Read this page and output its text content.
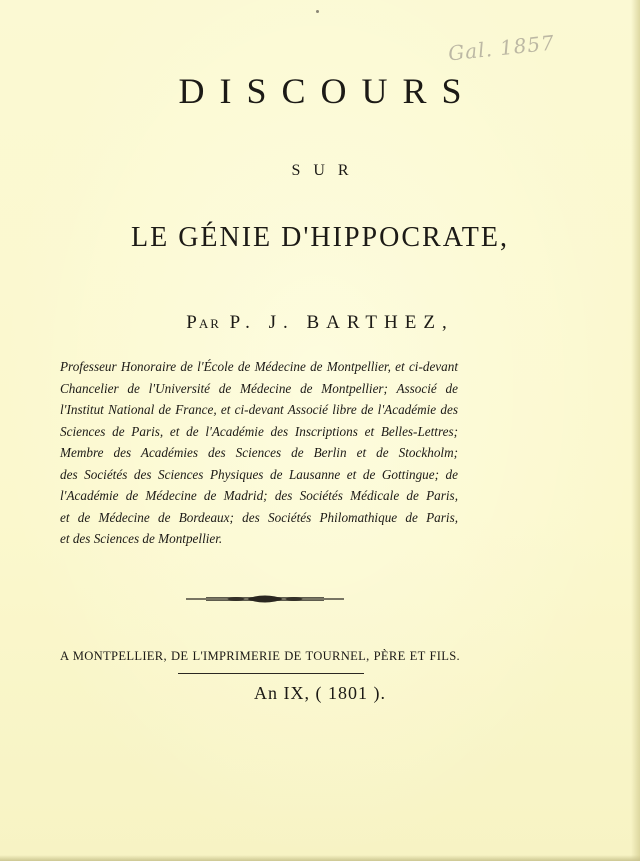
Gal. 1857
DISCOURS
SUR
LE GÉNIE D'HIPPOCRATE,
Par P. J. BARTHEZ,
Professeur Honoraire de l'École de Médecine de Montpellier, et ci-devant
Chancelier de l'Université de Médecine de Montpellier; Associé de
l'Institut National de France, et ci-devant Associé libre de l'Académie des
Sciences de Paris, et de l'Académie des Inscriptions et Belles-Lettres;
Membre des Académies des Sciences de Berlin et de Stockholm;
des Sociétés des Sciences Physiques de Lausanne et de Gottingue; de
l'Académie de Médecine de Madrid; des Sociétés Médicale de Paris,
et de Médecine de Bordeaux; des Sociétés Philomathique de Paris,
et des Sciences de Montpellier.
A MONTPELLIER, DE L'IMPRIMERIE DE TOURNEL, PÈRE ET FILS.
An IX, ( 1801 ).
